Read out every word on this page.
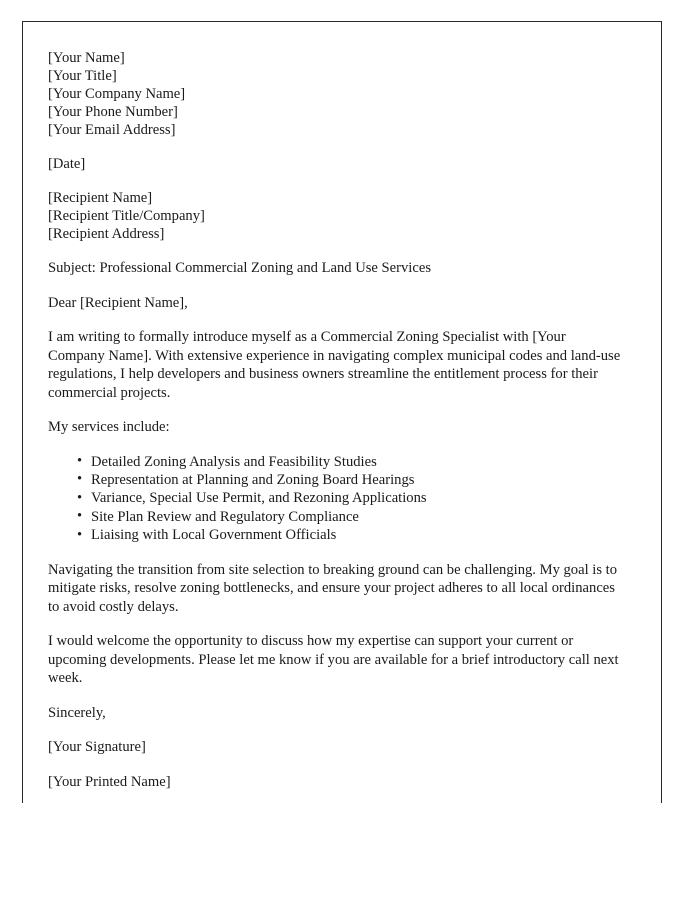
[Your Name]
[Your Title]
[Your Company Name]
[Your Phone Number]
[Your Email Address]
[Date]
[Recipient Name]
[Recipient Title/Company]
[Recipient Address]
Subject: Professional Commercial Zoning and Land Use Services
Dear [Recipient Name],
I am writing to formally introduce myself as a Commercial Zoning Specialist with [Your Company Name]. With extensive experience in navigating complex municipal codes and land-use regulations, I help developers and business owners streamline the entitlement process for their commercial projects.
My services include:
• Detailed Zoning Analysis and Feasibility Studies
• Representation at Planning and Zoning Board Hearings
• Variance, Special Use Permit, and Rezoning Applications
• Site Plan Review and Regulatory Compliance
• Liaising with Local Government Officials
Navigating the transition from site selection to breaking ground can be challenging. My goal is to mitigate risks, resolve zoning bottlenecks, and ensure your project adheres to all local ordinances to avoid costly delays.
I would welcome the opportunity to discuss how my expertise can support your current or upcoming developments. Please let me know if you are available for a brief introductory call next week.
Sincerely,
[Your Signature]
[Your Printed Name]
